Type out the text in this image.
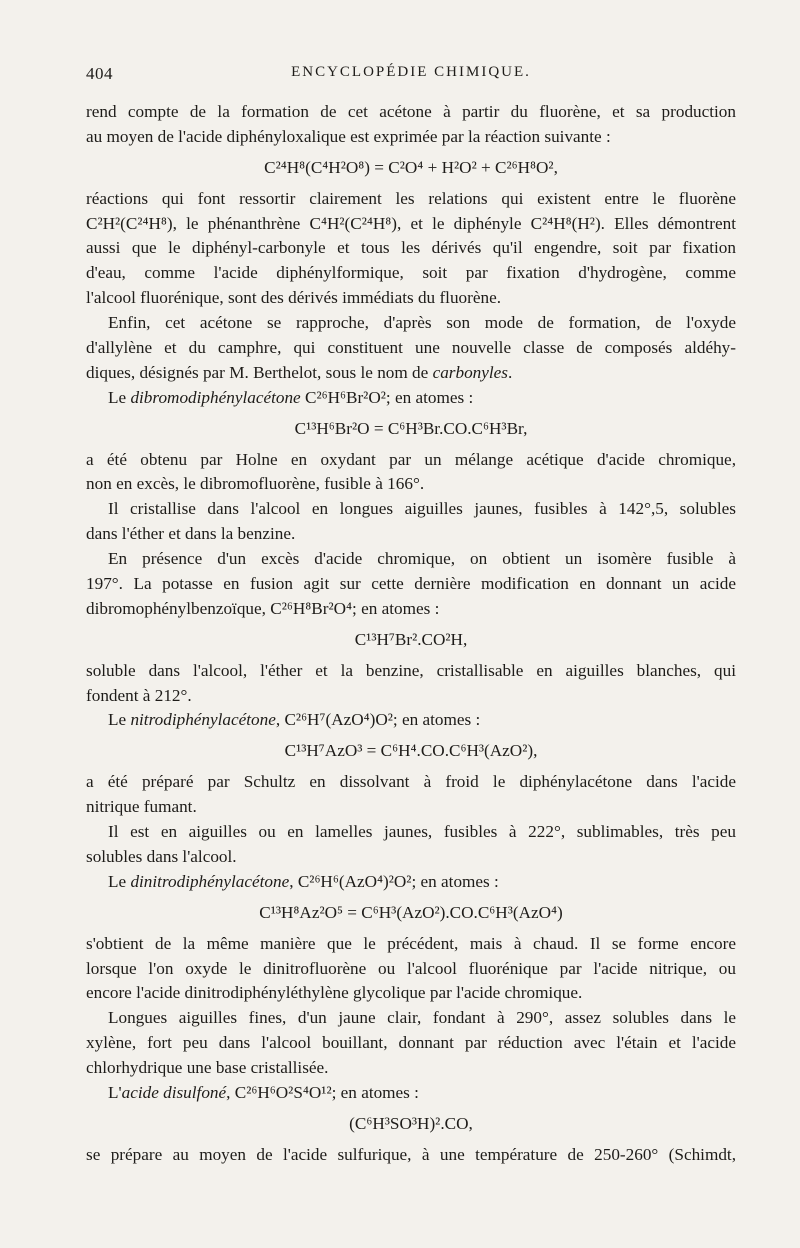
404	ENCYCLOPÉDIE CHIMIQUE.
rend compte de la formation de cet acétone à partir du fluorène, et sa production
au moyen de l'acide diphényloxalique est exprimée par la réaction suivante :
C²⁴H⁸(C⁴H²O⁸) = C²O⁴ + H²O² + C²⁶H⁸O²,
réactions qui font ressortir clairement les relations qui existent entre le fluorène
C²H²(C²⁴H⁸), le phénanthrène C⁴H²(C²⁴H⁸), et le diphényle C²⁴H⁸(H²). Elles démontrent
aussi que le diphényl-carbonyle et tous les dérivés qu'il engendre, soit par fixation
d'eau, comme l'acide diphénylformique, soit par fixation d'hydrogène, comme
l'alcool fluorénique, sont des dérivés immédiats du fluorène.
Enfin, cet acétone se rapproche, d'après son mode de formation, de l'oxyde
d'allylène et du camphre, qui constituent une nouvelle classe de composés aldéhy-
diques, désignés par M. Berthelot, sous le nom de carbonyles.
Le dibromodiphénylacétone C²⁶H⁶Br²O²; en atomes :
C¹³H⁶Br²O = C⁶H³Br.CO.C⁶H³Br,
a été obtenu par Holne en oxydant par un mélange acétique d'acide chromique,
non en excès, le dibromofluorène, fusible à 166°.
Il cristallise dans l'alcool en longues aiguilles jaunes, fusibles à 142°,5, solubles
dans l'éther et dans la benzine.
En présence d'un excès d'acide chromique, on obtient un isomère fusible à
197°. La potasse en fusion agit sur cette dernière modification en donnant un acide
dibromophénylbenzoïque, C²⁶H⁸Br²O⁴; en atomes :
C¹³H⁷Br².CO²H,
soluble dans l'alcool, l'éther et la benzine, cristallisable en aiguilles blanches, qui
fondent à 212°.
Le nitrodiphénylacétone, C²⁶H⁷(AzO⁴)O²; en atomes :
C¹³H⁷AzO³ = C⁶H⁴.CO.C⁶H³(AzO²),
a été préparé par Schultz en dissolvant à froid le diphénylacétone dans l'acide
nitrique fumant.
Il est en aiguilles ou en lamelles jaunes, fusibles à 222°, sublimables, très peu
solubles dans l'alcool.
Le dinitrodiphénylacétone, C²⁶H⁶(AzO⁴)²O²; en atomes :
C¹³H⁸Az²O⁵ = C⁶H³(AzO²).CO.C⁶H³(AzO⁴)
s'obtient de la même manière que le précédent, mais à chaud. Il se forme encore
lorsque l'on oxyde le dinitrofluorène ou l'alcool fluorénique par l'acide nitrique, ou
encore l'acide dinitrodiphényléthylène glycolique par l'acide chromique.
Longues aiguilles fines, d'un jaune clair, fondant à 290°, assez solubles dans le
xylène, fort peu dans l'alcool bouillant, donnant par réduction avec l'étain et l'acide
chlorhydrique une base cristallisée.
L'acide disulfoné, C²⁶H⁶O²S⁴O¹²; en atomes :
(C⁶H³SO³H)².CO,
se prépare au moyen de l'acide sulfurique, à une température de 250-260° (Schimdt,
